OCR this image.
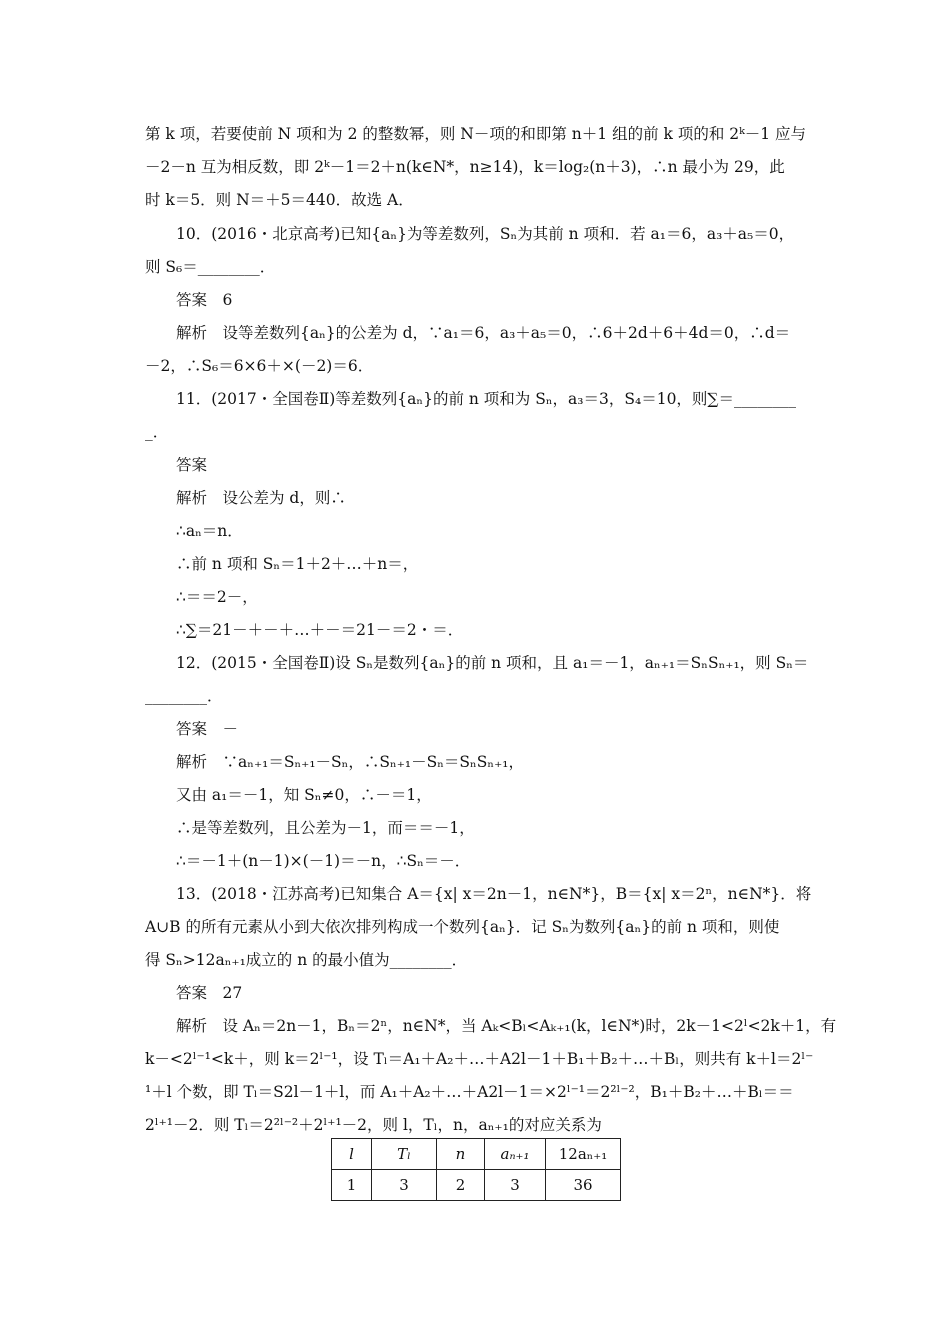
第 k 项，若要使前 N 项和为 2 的整数幂，则 N－项的和即第 n＋1 组的前 k 项的和 2ᵏ－1 应与
－2－n 互为相反数，即 2ᵏ－1＝2＋n(k∈N*，n≥14)，k＝log₂(n＋3)，∴n 最小为 29，此
时 k＝5．则 N＝＋5＝440．故选 A．
10．(2016・北京高考)已知{aₙ}为等差数列，Sₙ为其前 n 项和．若 a₁＝6，a₃＋a₅＝0，
则 S₆＝________．
答案　6
解析　设等差数列{aₙ}的公差为 d，∵a₁＝6，a₃＋a₅＝0，∴6＋2d＋6＋4d＝0，∴d＝
－2，∴S₆＝6×6＋×(－2)＝6．
11．(2017・全国卷Ⅱ)等差数列{aₙ}的前 n 项和为 Sₙ，a₃＝3，S₄＝10，则∑＝________
_．
答案
解析　设公差为 d，则∴
∴aₙ＝n．
∴前 n 项和 Sₙ＝1＋2＋…＋n＝，
∴＝＝2－，
∴∑＝21－＋－＋…＋－＝21－＝2・＝．
12．(2015・全国卷Ⅱ)设 Sₙ是数列{aₙ}的前 n 项和，且 a₁＝－1，aₙ₊₁＝SₙSₙ₊₁，则 Sₙ＝
________．
答案　－
解析　∵aₙ₊₁＝Sₙ₊₁－Sₙ，∴Sₙ₊₁－Sₙ＝SₙSₙ₊₁，
又由 a₁＝－1，知 Sₙ≠0，∴－＝1，
∴是等差数列，且公差为－1，而＝＝－1，
∴＝－1＋(n－1)×(－1)＝－n，∴Sₙ＝－．
13．(2018・江苏高考)已知集合 A＝{x| x＝2n－1，n∈N*}，B＝{x| x＝2ⁿ，n∈N*}．将
A∪B 的所有元素从小到大依次排列构成一个数列{aₙ}．记 Sₙ为数列{aₙ}的前 n 项和，则使
得 Sₙ>12aₙ₊₁成立的 n 的最小值为________．
答案　27
解析　设 Aₙ＝2n－1，Bₙ＝2ⁿ，n∈N*，当 Aₖ<Bₗ<Aₖ₊₁(k，l∈N*)时，2k－1<2ˡ<2k＋1，有
k－<2ˡ⁻¹<k＋，则 k＝2ˡ⁻¹，设 Tₗ＝A₁＋A₂＋…＋A2l－1＋B₁＋B₂＋…＋Bₗ，则共有 k＋l＝2ˡ⁻
¹＋l 个数，即 Tₗ＝S2l－1＋l，而 A₁＋A₂＋…＋A2l－1＝×2ˡ⁻¹＝2²ˡ⁻²，B₁＋B₂＋…＋Bₗ＝＝
2ˡ⁺¹－2．则 Tₗ＝2²ˡ⁻²＋2ˡ⁺¹－2，则 l，Tₗ，n，aₙ₊₁的对应关系为
l	Tₗ	n	aₙ₊₁	12aₙ₊₁
1	3	2	3	36
